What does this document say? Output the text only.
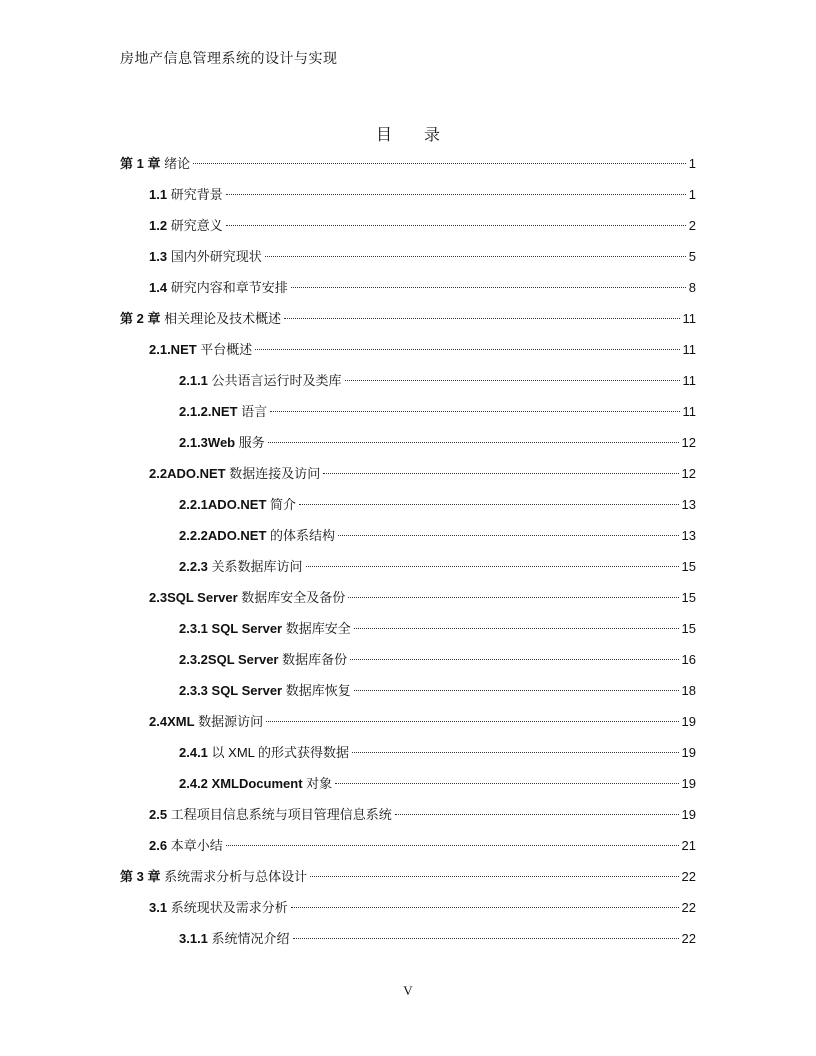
房地产信息管理系统的设计与实现
目 录
第 1 章 绪论	1
1.1 研究背景	1
1.2 研究意义	2
1.3 国内外研究现状	5
1.4 研究内容和章节安排	8
第 2 章 相关理论及技术概述	11
2.1.NET 平台概述	11
2.1.1 公共语言运行时及类库	11
2.1.2.NET 语言	11
2.1.3Web 服务	12
2.2ADO.NET 数据连接及访问	12
2.2.1ADO.NET 简介	13
2.2.2ADO.NET 的体系结构	13
2.2.3 关系数据库访问	15
2.3SQL Server 数据库安全及备份	15
2.3.1 SQL Server 数据库安全	15
2.3.2SQL Server 数据库备份	16
2.3.3 SQL Server 数据库恢复	18
2.4XML 数据源访问	19
2.4.1 以 XML 的形式获得数据	19
2.4.2 XMLDocument 对象	19
2.5 工程项目信息系统与项目管理信息系统	19
2.6 本章小结	21
第 3 章 系统需求分析与总体设计	22
3.1 系统现状及需求分析	22
3.1.1 系统情况介绍	22
V
